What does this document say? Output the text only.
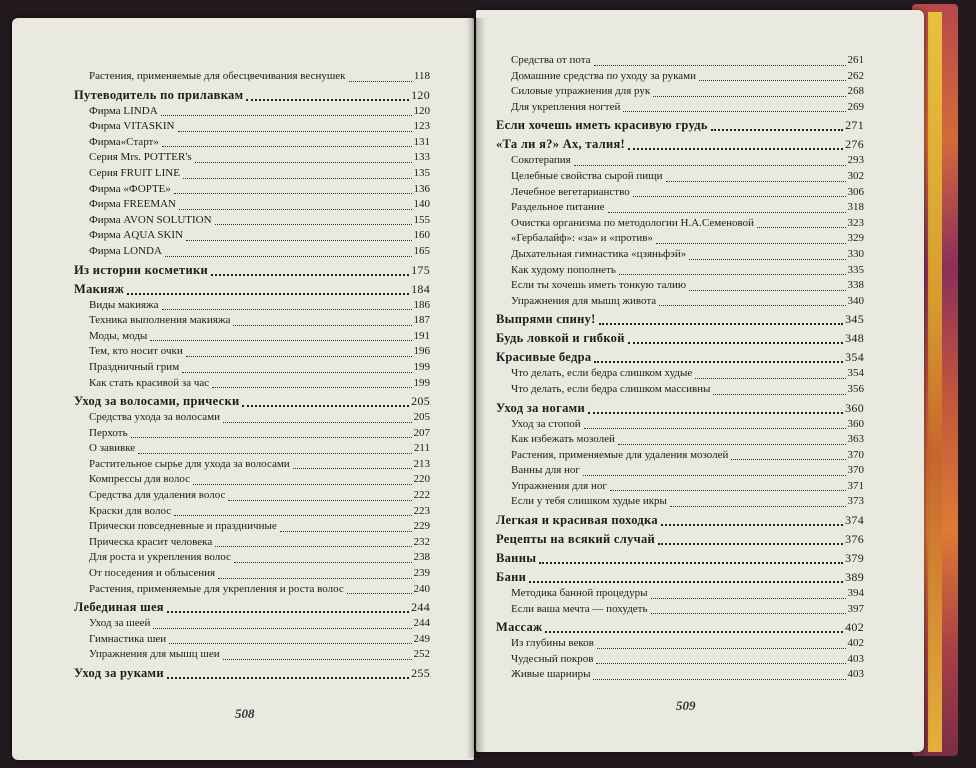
Растения, применяемые для обесцвечивания веснушек	118
Путеводитель по прилавкам	120
Фирма LINDA	120
Фирма VITASKIN	123
Фирма«Старт»	131
Серия Mrs. POTTER's	133
Серия FRUIT LINE	135
Фирма «ФОРТЕ»	136
Фирма FREEMAN	140
Фирма AVON SOLUTION	155
Фирма AQUA SKIN	160
Фирма LONDA	165
Из истории косметики	175
Макияж	184
Виды макияжа	186
Техника выполнения макияжа	187
Моды, моды	191
Тем, кто носит очки	196
Праздничный грим	199
Как стать красивой за час	199
Уход за волосами, прически	205
Средства ухода за волосами	205
Перхоть	207
О завивке	211
Растительное сырье для ухода за волосами	213
Компрессы для волос	220
Средства для удаления волос	222
Краски для волос	223
Прически повседневные и праздничные	229
Прическа красит человека	232
Для роста и укрепления волос	238
От поседения и облысения	239
Растения, применяемые для укрепления и роста волос	240
Лебединая шея	244
Уход за шеей	244
Гимнастика шеи	249
Упражнения для мышц шеи	252
Уход за руками	255
508
Средства от пота	261
Домашние средства по уходу за руками	262
Силовые упражнения для рук	268
Для укрепления ногтей	269
Если хочешь иметь красивую грудь	271
«Та ли я?» Ах, талия!	276
Сокотерапия	293
Целебные свойства сырой пищи	302
Лечебное вегетарианство	306
Раздельное питание	318
Очистка организма по методологии Н.А.Семеновой	323
«Гербалайф»: «за» и «против»	329
Дыхательная гимнастика «цзяньфэй»	330
Как худому пополнеть	335
Если ты хочешь иметь тонкую талию	338
Упражнения для мышц живота	340
Выпрями спину!	345
Будь ловкой и гибкой	348
Красивые бедра	354
Что делать, если бедра слишком худые	354
Что делать, если бедра слишком массивны	356
Уход за ногами	360
Уход за стопой	360
Как избежать мозолей	363
Растения, применяемые для удаления мозолей	370
Ванны для ног	370
Упражнения для ног	371
Если у тебя слишком худые икры	373
Легкая и красивая походка	374
Рецепты на всякий случай	376
Ванны	379
Бани	389
Методика банной процедуры	394
Если ваша мечта — похудеть	397
Массаж	402
Из глубины веков	402
Чудесный покров	403
Живые шарниры	403
509
